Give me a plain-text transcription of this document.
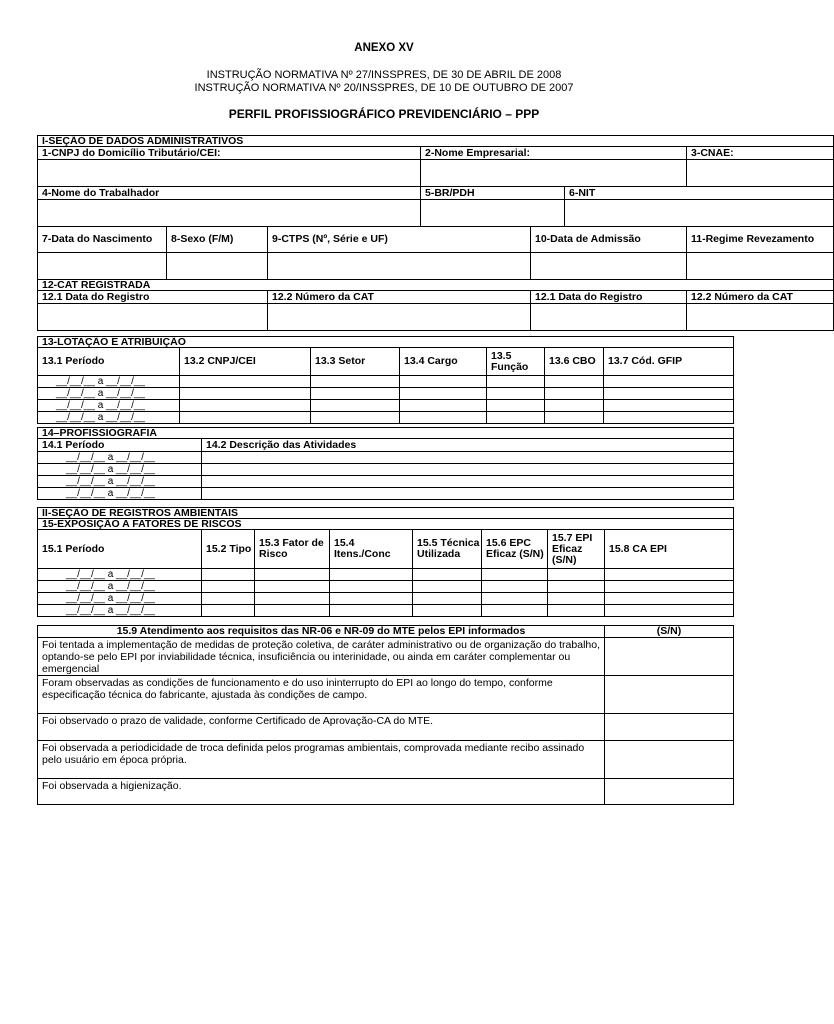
ANEXO XV
INSTRUÇÃO NORMATIVA Nº 27/INSSPRES, DE 30 DE ABRIL DE 2008
INSTRUÇÃO NORMATIVA Nº 20/INSSPRES, DE 10 DE OUTUBRO DE 2007
PERFIL PROFISSIOGRÁFICO PREVIDENCIÁRIO – PPP
I-SEÇÃO DE DADOS ADMINISTRATIVOS						
1-CNPJ do Domicílio Tributário/CEI:			2-Nome Empresarial:			3-CNAE:

4-Nome do Trabalhador			5-BR/PDH		6-NIT	

7-Data do Nascimento	8-Sexo (F/M)	9-CTPS (Nº, Série e UF)		10-Data de Admissão		11-Regime Revezamento

12-CAT REGISTRADA						
12.1 Data do Registro		12.2 Número da CAT		12.1 Data do Registro		12.2 Número da CAT

13-LOTAÇÃO E ATRIBUIÇÃO						
13.1 Período	13.2 CNPJ/CEI	13.3 Setor	13.4 Cargo	13.5 Função	13.6 CBO	13.7 Cód. GFIP
__/__/__ a __/__/__						
__/__/__ a __/__/__						
__/__/__ a __/__/__						
__/__/__ a __/__/__						
14–PROFISSIOGRAFIA	
14.1 Período	14.2 Descrição das Atividades
__/__/__ a __/__/__	
__/__/__ a __/__/__	
__/__/__ a __/__/__	
__/__/__ a __/__/__	
II-SEÇÃO DE REGISTROS AMBIENTAIS							
15-EXPOSIÇÃO A FATORES DE RISCOS							
15.1 Período	15.2 Tipo	15.3 Fator de Risco	15.4 Itens./Conc	15.5 Técnica Utilizada	15.6 EPC Eficaz (S/N)	15.7 EPI Eficaz (S/N)	15.8 CA EPI
__/__/__ a __/__/__							
__/__/__ a __/__/__							
__/__/__ a __/__/__							
__/__/__ a __/__/__							
15.9 Atendimento aos requisitos das NR-06 e NR-09 do MTE pelos EPI informados	(S/N)
Foi tentada a implementação de medidas de proteção coletiva, de caráter administrativo ou de organização do trabalho, optando-se pelo EPI por inviabilidade técnica, insuficiência ou interinidade, ou ainda em caráter complementar ou emergencial	
Foram observadas as condições de funcionamento e do uso ininterrupto do EPI ao longo do tempo, conforme especificação técnica do fabricante, ajustada às condições de campo.	
Foi observado o prazo de validade, conforme Certificado de Aprovação-CA do MTE.	
Foi observada a periodicidade de troca definida pelos programas ambientais, comprovada mediante recibo assinado pelo usuário em época própria.	
Foi observada a higienização.	
